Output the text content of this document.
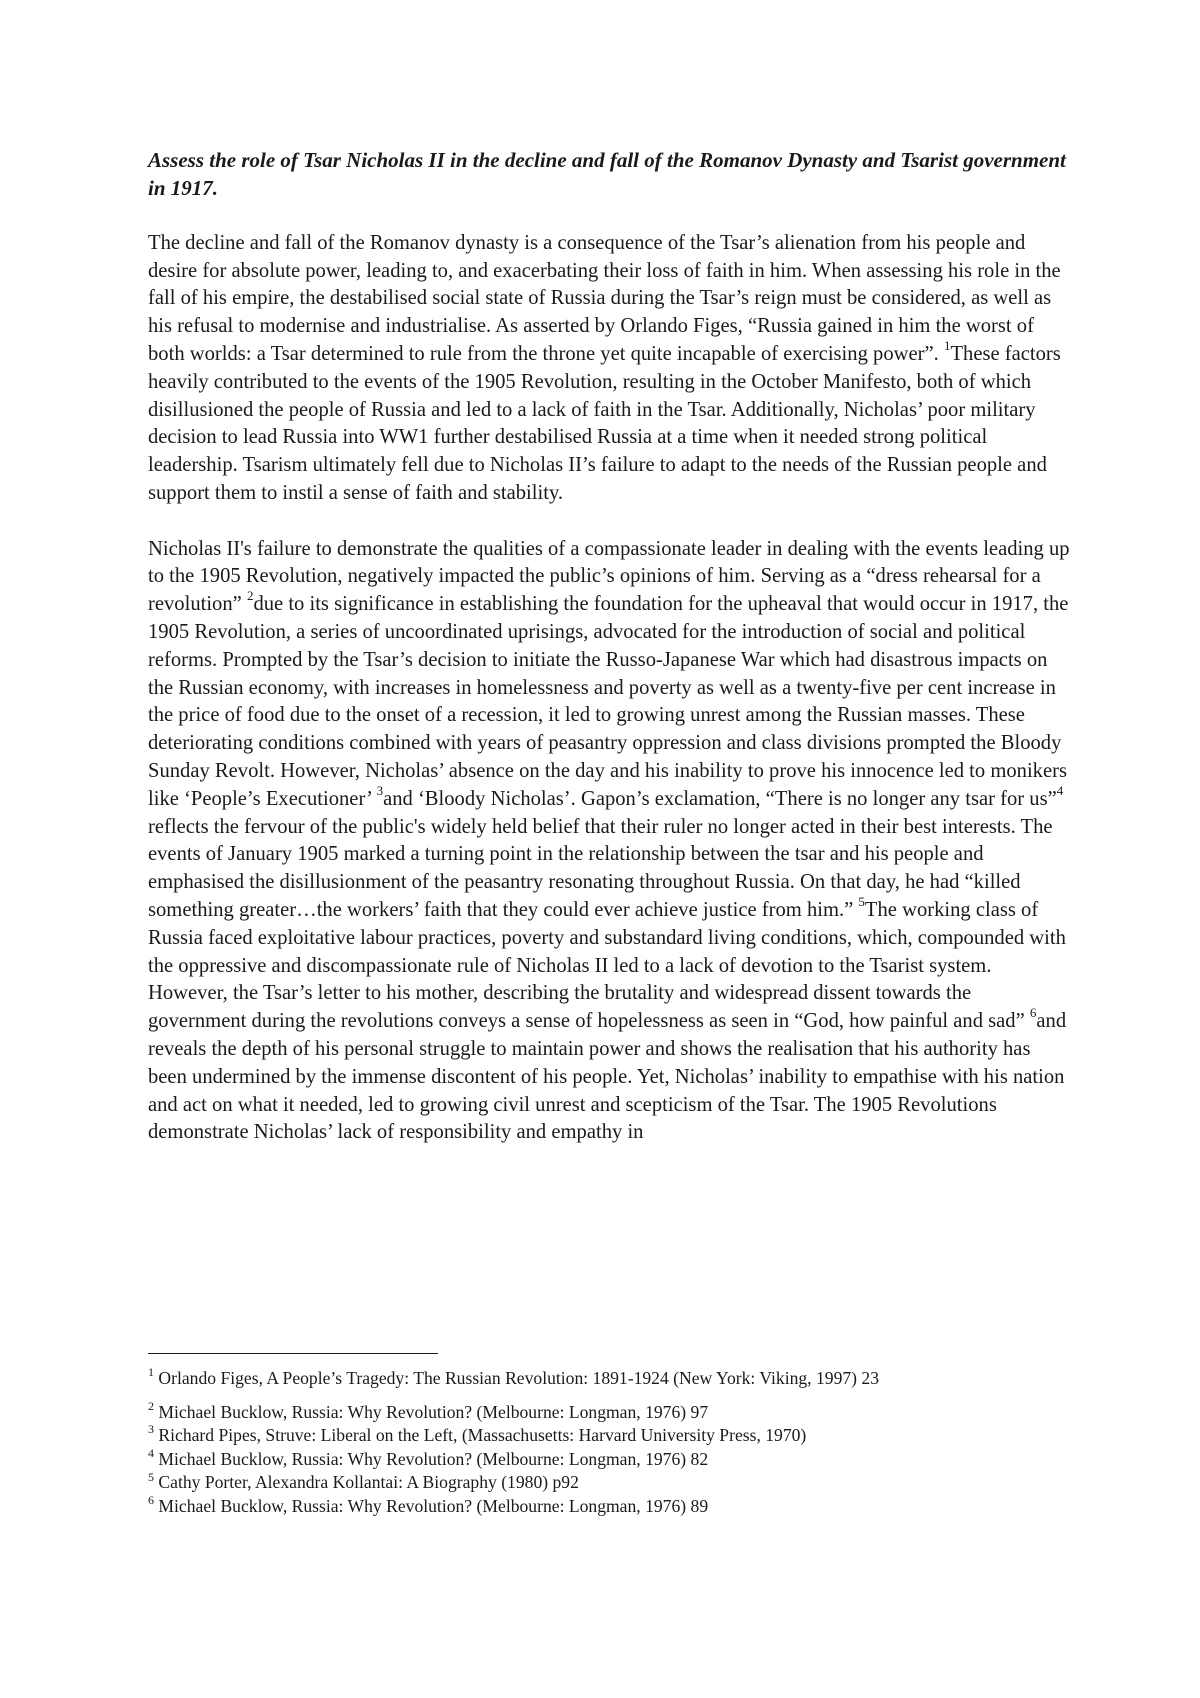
Assess the role of Tsar Nicholas II in the decline and fall of the Romanov Dynasty and Tsarist government in 1917.

The decline and fall of the Romanov dynasty is a consequence of the Tsar’s alienation from his people and desire for absolute power, leading to, and exacerbating their loss of faith in him. When assessing his role in the fall of his empire, the destabilised social state of Russia during the Tsar’s reign must be considered, as well as his refusal to modernise and industrialise. As asserted by Orlando Figes, “Russia gained in him the worst of both worlds: a Tsar determined to rule from the throne yet quite incapable of exercising power”. $^1$These factors heavily contributed to the events of the 1905 Revolution, resulting in the October Manifesto, both of which disillusioned the people of Russia and led to a lack of faith in the Tsar. Additionally, Nicholas’ poor military decision to lead Russia into WW1 further destabilised Russia at a time when it needed strong political leadership. Tsarism ultimately fell due to Nicholas II’s failure to adapt to the needs of the Russian people and support them to instil a sense of faith and stability.

Nicholas II's failure to demonstrate the qualities of a compassionate leader in dealing with the events leading up to the 1905 Revolution, negatively impacted the public’s opinions of him. Serving as a “dress rehearsal for a revolution” $^2$due to its significance in establishing the foundation for the upheaval that would occur in 1917, the 1905 Revolution, a series of uncoordinated uprisings, advocated for the introduction of social and political reforms. Prompted by the Tsar’s decision to initiate the Russo-Japanese War which had disastrous impacts on the Russian economy, with increases in homelessness and poverty as well as a twenty-five per cent increase in the price of food due to the onset of a recession, it led to growing unrest among the Russian masses. These deteriorating conditions combined with years of peasantry oppression and class divisions prompted the Bloody Sunday Revolt. However, Nicholas’ absence on the day and his inability to prove his innocence led to monikers like ‘People’s Executioner’ $^3$and ‘Bloody Nicholas’. Gapon’s exclamation, “There is no longer any tsar for us”$^4$ reflects the fervour of the public's widely held belief that their ruler no longer acted in their best interests. The events of January 1905 marked a turning point in the relationship between the tsar and his people and emphasised the disillusionment of the peasantry resonating throughout Russia. On that day, he had “killed something greater…the workers’ faith that they could ever achieve justice from him.” $^5$The working class of Russia faced exploitative labour practices, poverty and substandard living conditions, which, compounded with the oppressive and discompassionate rule of Nicholas II led to a lack of devotion to the Tsarist system. However, the Tsar’s letter to his mother, describing the brutality and widespread dissent towards the government during the revolutions conveys a sense of hopelessness as seen in “God, how painful and sad” $^6$and reveals the depth of his personal struggle to maintain power and shows the realisation that his authority has been undermined by the immense discontent of his people. Yet, Nicholas’ inability to empathise with his nation and act on what it needed, led to growing civil unrest and scepticism of the Tsar. The 1905 Revolutions demonstrate Nicholas’ lack of responsibility and empathy in

$^1$ Orlando Figes, A People’s Tragedy: The Russian Revolution: 1891-1924 (New York: Viking, 1997) 23

$^2$ Michael Bucklow, Russia: Why Revolution? (Melbourne: Longman, 1976) 97

$^3$ Richard Pipes, Struve: Liberal on the Left, (Massachusetts: Harvard University Press, 1970)

$^4$ Michael Bucklow, Russia: Why Revolution? (Melbourne: Longman, 1976) 82

$^5$ Cathy Porter, Alexandra Kollantai: A Biography (1980) p92

$^6$ Michael Bucklow, Russia: Why Revolution? (Melbourne: Longman, 1976) 89
